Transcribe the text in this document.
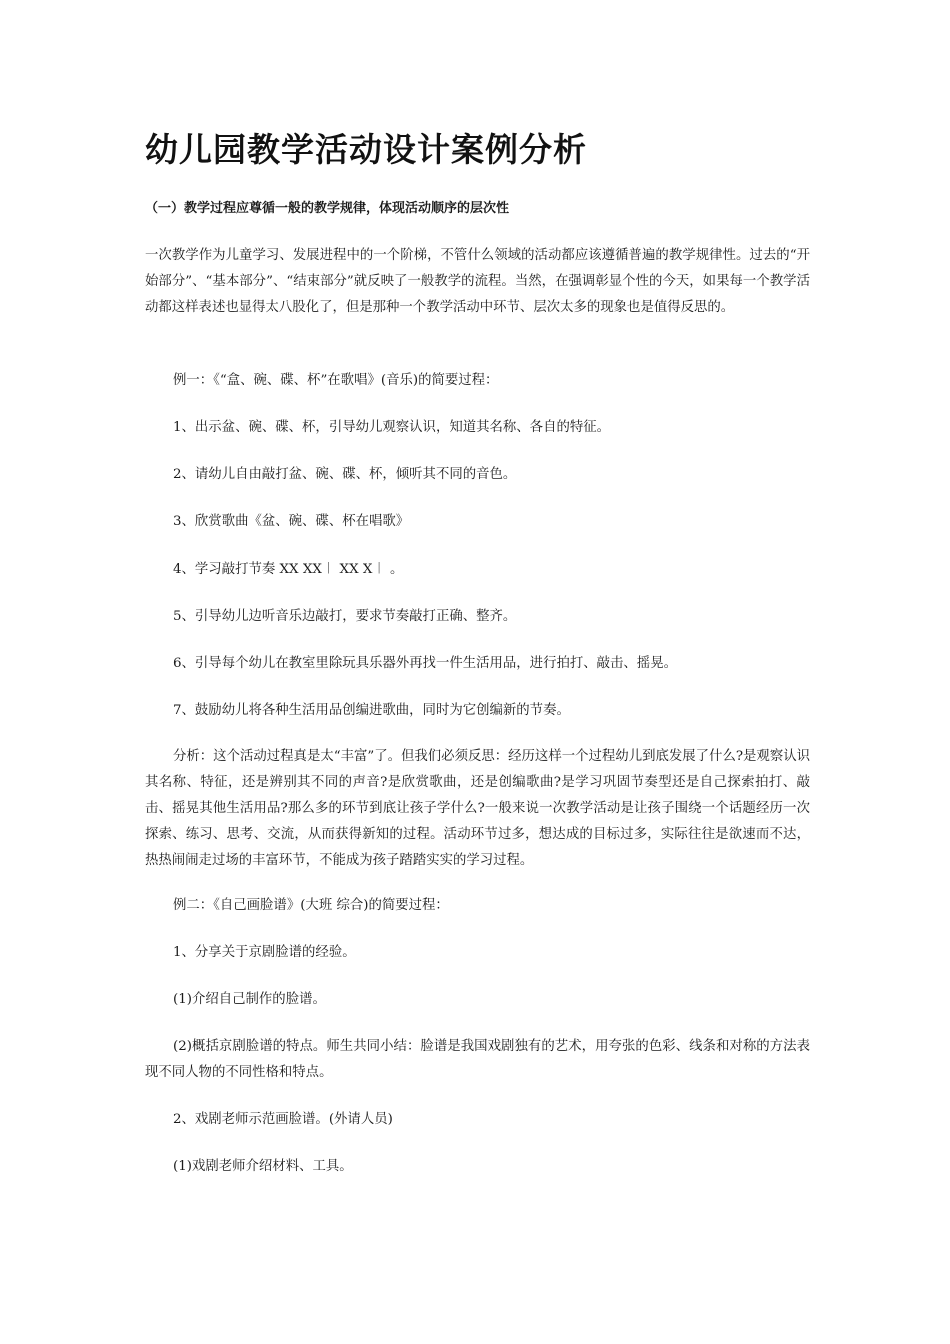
幼儿园教学活动设计案例分析

（一）教学过程应尊循一般的教学规律，体现活动顺序的层次性

一次教学作为儿童学习、发展进程中的一个阶梯，不管什么领域的活动都应该遵循普遍的教学规律性。过去的“开始部分”、“基本部分”、“结束部分”就反映了一般教学的流程。当然，在强调彰显个性的今天，如果每一个教学活动都这样表述也显得太八股化了，但是那种一个教学活动中环节、层次太多的现象也是值得反思的。

例一：《“盒、碗、碟、杯”在歌唱》(音乐)的简要过程：

1、出示盆、碗、碟、杯，引导幼儿观察认识，知道其名称、各自的特征。

2、请幼儿自由敲打盆、碗、碟、杯，倾听其不同的音色。

3、欣赏歌曲《盆、碗、碟、杯在唱歌》

4、学习敲打节奏 XX XX︱ XX X︱ 。

5、引导幼儿边听音乐边敲打，要求节奏敲打正确、整齐。

6、引导每个幼儿在教室里除玩具乐器外再找一件生活用品，进行拍打、敲击、摇晃。

7、鼓励幼儿将各种生活用品创编进歌曲，同时为它创编新的节奏。

分析：这个活动过程真是太“丰富”了。但我们必须反思：经历这样一个过程幼儿到底发展了什么?是观察认识其名称、特征，还是辨别其不同的声音?是欣赏歌曲，还是创编歌曲?是学习巩固节奏型还是自己探索拍打、敲击、摇晃其他生活用品?那么多的环节到底让孩子学什么?一般来说一次教学活动是让孩子围绕一个话题经历一次探索、练习、思考、交流，从而获得新知的过程。活动环节过多，想达成的目标过多，实际往往是欲速而不达，热热闹闹走过场的丰富环节，不能成为孩子踏踏实实的学习过程。

例二：《自己画脸谱》(大班 综合)的简要过程：

1、分享关于京剧脸谱的经验。

(1)介绍自己制作的脸谱。

(2)概括京剧脸谱的特点。师生共同小结：脸谱是我国戏剧独有的艺术，用夸张的色彩、线条和对称的方法表现不同人物的不同性格和特点。

2、戏剧老师示范画脸谱。(外请人员)

(1)戏剧老师介绍材料、工具。
